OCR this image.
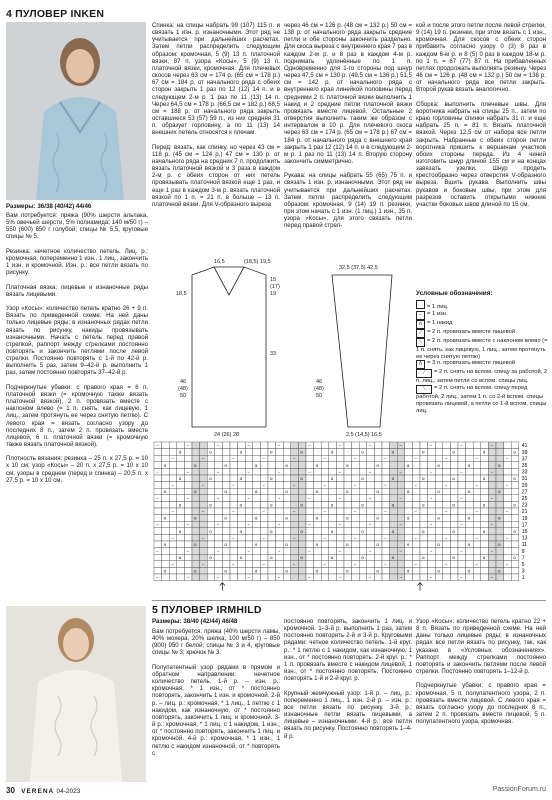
4 ПУЛОВЕР INKEN
Размеры: 36/38 (40/42) 44/46
Вам потребуется: пряжа (90% шерсти альпака, 5% овечьей шерсти, 5% полиамида; 140 м/50 г) – 550 (600) 650 г голубой; спицы № 5,5, круговые спицы № 5.

Резинка: нечетное количество петель. Лиц. р.: кромочная, попеременно 1 изн., 1 лиц., закончить 1 изн. и кромочной. Изн. р.: все петли вязать по рисунку.

Платочная вязка: лицевые и изнаночные ряды вязать лицевыми.

Узор «Косы»: количество петель кратно 26 + 9 п. Вязать по приведенной схеме. На ней даны только лицевые ряды; в изнаночных рядах петли вязать по рисунку, накиды провязывать изнаночными. Начать с петель перед правой стрелкой, раппорт между стрелками постоянно повторять и закончить петлями после левой стрелки. Постоянно повторять с 1-й по 42-й р. выполнить 5 раз, затем 9–42-й р. выполнить 1 раз, затем постоянно повторять 37–42-й р.

Подчеркнутые убавки: с правого края = 6 п. платочной вязки (= кромочную также вязать платочной вязкой), 2 п. провязать вместе с наклоном влево (= 1 п. снять, как лицевую, 1 лиц., затем протянуть ее через снятую петлю). С левого края = вязать согласно узору до последних 8 п., затем 2 п. провязать вместе лицевой, 6 п. платочной вязки (= кромочную также вязать платочной вязкой).

Плотность вязания: резинка – 25 п. х 27,5 р. = 10 х 10 см; узор «Косы» – 20 п. х 27,5 р. = 10 х 10 см; узоры в среднем (перед и спинка) – 20,5 п. х 27,5 р. = 10 х 10 см.
Спинка: на спицы набрать 99 (107) 115 п. и связать 1 изн. р. изнаночными. Этот ряд не учитывается при дальнейших расчетах. Затем петли распределить следующим образом: кромочная, 5 (9) 13 п. платочной вязки, 87 п. узора «Косы», 5 (9) 13 п. платочной вязки, кромочная. Для плечевых скосов через 63 см = 174 р. (65 см = 178 р.) 67 см = 184 р. от начального ряда с обеих сторон закрыть 1 раз по 12 (12) 14 п. и в следующем 2-м р. 1 раз по 11 (13) 14 п. Через 64,5 см = 178 р. (66,5 см = 182 р.) 68,5 см = 188 р. от начального ряда закрыть оставшиеся 53 (57) 59 п., из них средняя 31 п. образует горловину, а по 11 (13) 14 внешних петель относятся к плечам.

Перед: вязать, как спинку, но через 43 см = 118 р. (45 см = 124 р.) 47 см = 130 р. от начального ряда на средних 7 п. продолжить вязать платочной вязкой и 3 раза в каждом 2-м р. с обеих сторон от них петель провязывать платочной вязкой еще 1 раз, и еще 1 раз в каждом 3-м р. вязать платочной вязкой по 1 п. = 21 п. в больше – 13 п. платочной вязки. Для V-образного выреза
через 46 см = 126 р. (48 см = 132 р.) 50 см = 138 р. от начального ряда закрыть средние петли и обе стороны закончить раздельно. Для скоса выреза с внутреннего края 7 раз в каждом 2-м р. и 8 раз в каждом 4-м р. поднимать удлинённые по 1 п. Одновременно для 1-го стороны под шнур через 47,5 см = 130 р. (49,5 см = 136 р.) 51,5 см = 142 р. от начального ряда с внутреннего края линейкой половины перед средними 2 п. платочной вязки выполнить 1 накид и 2 средние петли платочной вязки провязать вместе лицевой. Остальные 2 отверстия выполнить таким же образом с интервалом в 10 р. Для плечевого скоса через 63 см = 174 р. (65 см = 178 р.) 67 см = 184 р. от начального ряда с внешнего края закрыть 1 раз 12 (12) 14 п. и в следующем 2-м р. 1 раз по 11 (13) 14 п. Вторую сторону закончить симметрично.

Рукава: на спицы набрать 55 (65) 75 п. и связать 1 изн. р. изнаночными. Этот ряд не учитывается при дальнейших расчетах. Затем петли распределить следующим образом: кромочная, 9 (14) 19 п. резинки, при этом начать с 1 изн. (1 лиц.) 1 изн., 35 п. узора «Косы», для этого связать петли перед правой стрел-
кой и после этого петли после левой стрелки, 9 (14) 19 п. резинки, при этом вязать с 1 изн., кромочная. Для скосов с обеих сторон прибавить согласно узору 0 (3) 6 раз в каждом 6-м р. и 8 (5) 0 раз в каждом 18-м р. по 1 п. = 67 (77) 87 п. На прибавленных петлях продолжать выполнять резинку. Через 46 см = 126 р. (48 см = 132 р.) 50 см = 138 р. от начального ряда все петли закрыть. Второй рукав вязать аналогично.

Сборка: выполнить плечевые швы. Для воротника набрать на спицы 25 п., затем по краю горловины спинки набрать 31 п. и еще набрать 25 п. = 81 п. Вязать платочной вязкой. Через 12,5 см от набора все петли закрыть. Набранные с обеих сторон петли воротника пришить к вершинам участков обоих стороны переда. Из 4 чиний изготовить шнур длиной 155 см и на концах завязать узелки. Шнур продеть крестообразно через отверстия V-образного выреза. Вшить рукава. Выполнить швы рукавов и боковые швы, при этом для разрезов оставить открытыми нижние участки боковых швов длиной по 15 см.
16,5	(18,5) 19,5
18,5
15
(17)
19
33
46
(48)
50
24 (26) 28
32,5 (37,5) 42,5
46
(48)
50
2,5 (14,5) 16,5
Условные обозначения:
= 1 лиц.
− = 1 изн.
o = 1 накид
⟋ = 2 п. провязать вместе лицевой
⟍ = 2 п. провязать вместе с наклоном влево (= 1 п. снять, как лицевую, 1 лиц., затем протянуть ее через снятую петлю)
Λ = 3 п. провязать вместе лицевой
⟋ = 2 п. снять на вспом. спицу за работой, 2 п. лиц., затем петли со вспом. спицы лиц.
⟍ = 2 п. снять на вспом. спицу перед работой, 2 лиц., затем 1 п. со 2-й вспом. спицы провязать лицевой, а петли со 1-й вспом. спицы лиц.
−	−	−	−	−	−	−	−	−	−	−	−	41
o	o	o	o	o	o	o	o	o	o	o	o 39
−	−	−	−	−	−	−	−	−	−	−	−	37
o	o	o	o	o	o	o	o	o	o	o	o	35
−	−	−	−	−	−	−	−	−	−	−	−	33
o	o	o	o	o	o	o	o	o	o	o	o 31
−	−	−	−	−	−	−	−	−	−	−	−	29
o	o	o	o	o	o	o	o	o	o	o	o	27
−	−	−	−	−	−	−	−	−	−	−	−	25
o	o	o	o	o	o	o	o	o	o	o	o 23
−	−	−	−	−	−	−	−	−	−	−	−	21
o	o	o	o	o	o	o	o	o	o	o	o	19
−	−	−	−	−	−	−	−	−	−	−	−	17
o	o	o	o	o	o	o	o	o	o	o	o 15
−	−	−	−	−	−	−	−	−	−	−	−	13
o	o	o	o	o	o	o	o	o	o	o	o	11
−	−	−	−	−	−	−	−	−	−	−	−	9
o	o	o	o	o	o	o	o	o	o	o	o 7
−	−	−	−	−	−	−	−	−	−	−	−	5
o	o	o	o	o	o	o	o	o	o	o	o	3
−	−	−	−	−	−	−	−	−	−	−	−	1
5 ПУЛОВЕР IRMHILD
Размеры: 38/40 (42/44) 46/48
Вам потребуется: пряжа (40% шерсти ламы, 40% мохера, 20% шелка; 100 м/50 г) – 850 (900) 950 г белой; спицы № 3 и 4, круговые спицы № 3; крючок № 3.

Полупатентный узор рядами в прямом и обратном направлении: нечетное количество петель. 1-й р. – изн. р.: кромочная, * 1 изн., от * постоянно повторять, закончить 1 изн. и кромочной. 2-й р. – лиц. р.: кромочная, * 1 лиц., 1 петлю с 1 накидом, как изнаночную, от * постоянно повторять, закончить 1 лиц. и кромочной. 3-й р.: кромочная, * 1 лиц. с 1 накидом, 1 изн., от * постоянно повторять, закончить 1 лиц. и кромочной. 4-й р.: кромочная, * 1 изн., 1 петлю с накидом изнаночной, от * повторять с
постоянно повторять, закончить 1 лиц. и кромочной. 1–3-й р. выполнить 1 раз, затем постоянно повторять 2-й и 3-й р. Круговыми рядами: четное количество петель. 1-й круг. р.: * 1 петлю с 1 накидом, как изнаночную, 1 изн., от * постоянно повторять. 2-й круг. р.: * 1 п. провязать вместе с накидом лицевой, 1 изн., от * постоянно повторять. Постоянно повторять 1-й и 2-й круг. р.

Крупный жемчужный узор: 1-й р. – лиц. р.: попеременно 1 лиц., 1 изн. 2-й р. – изн. р.: все петли вязать по рисунку. 3-й р.: изнаночные петли вязать лицевыми, а лицевые – изнаночными. 4-й р.: все петли вязать по рисунку. Постоянно повторять 1–4-й р.
Узор «Косы»: количество петель кратно 22 + 8 п. Вязать по приведенной схеме. На ней даны только лицевые ряды; в изнаночных рядах все петли вязать по рисунку, так, как указано в «Условных обозначениях». Раппорт между стрелками постоянно повторять и закончить петлями после левой стрелки. Постоянно повторять 1–12-й р.

Подчеркнутые убавки: с правого края = кромочная, 5 п. полупатентного узора, 2 п. провязать вместе лицевой. С левого края = вязать согласно узору до последних 8 п., затем 2 п. провязать вместе лицевой, 5 п. полупатентного узора, кромочная.
30 VERENA 04-2023	PassionForum.ru
